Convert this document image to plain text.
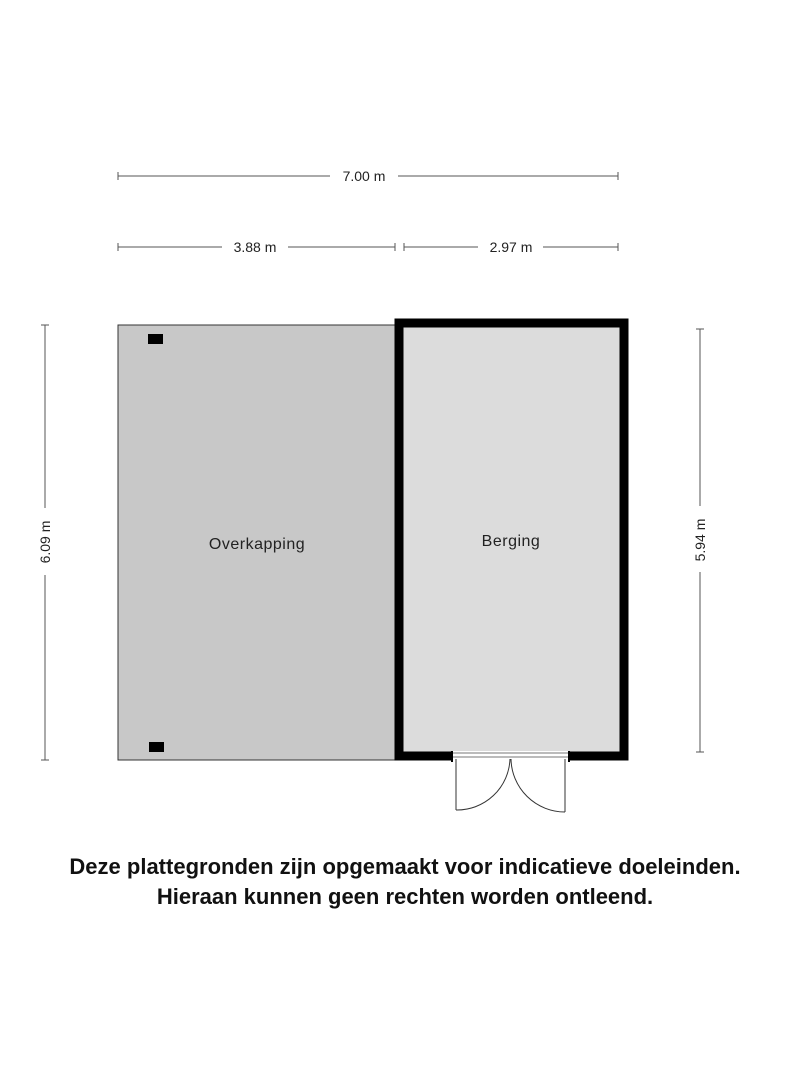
7.00 m
3.88 m	2.97 m
6.09 m	5.94 m
Overkapping	Berging
Deze plattegronden zijn opgemaakt voor indicatieve doeleinden.
Hieraan kunnen geen rechten worden ontleend.
